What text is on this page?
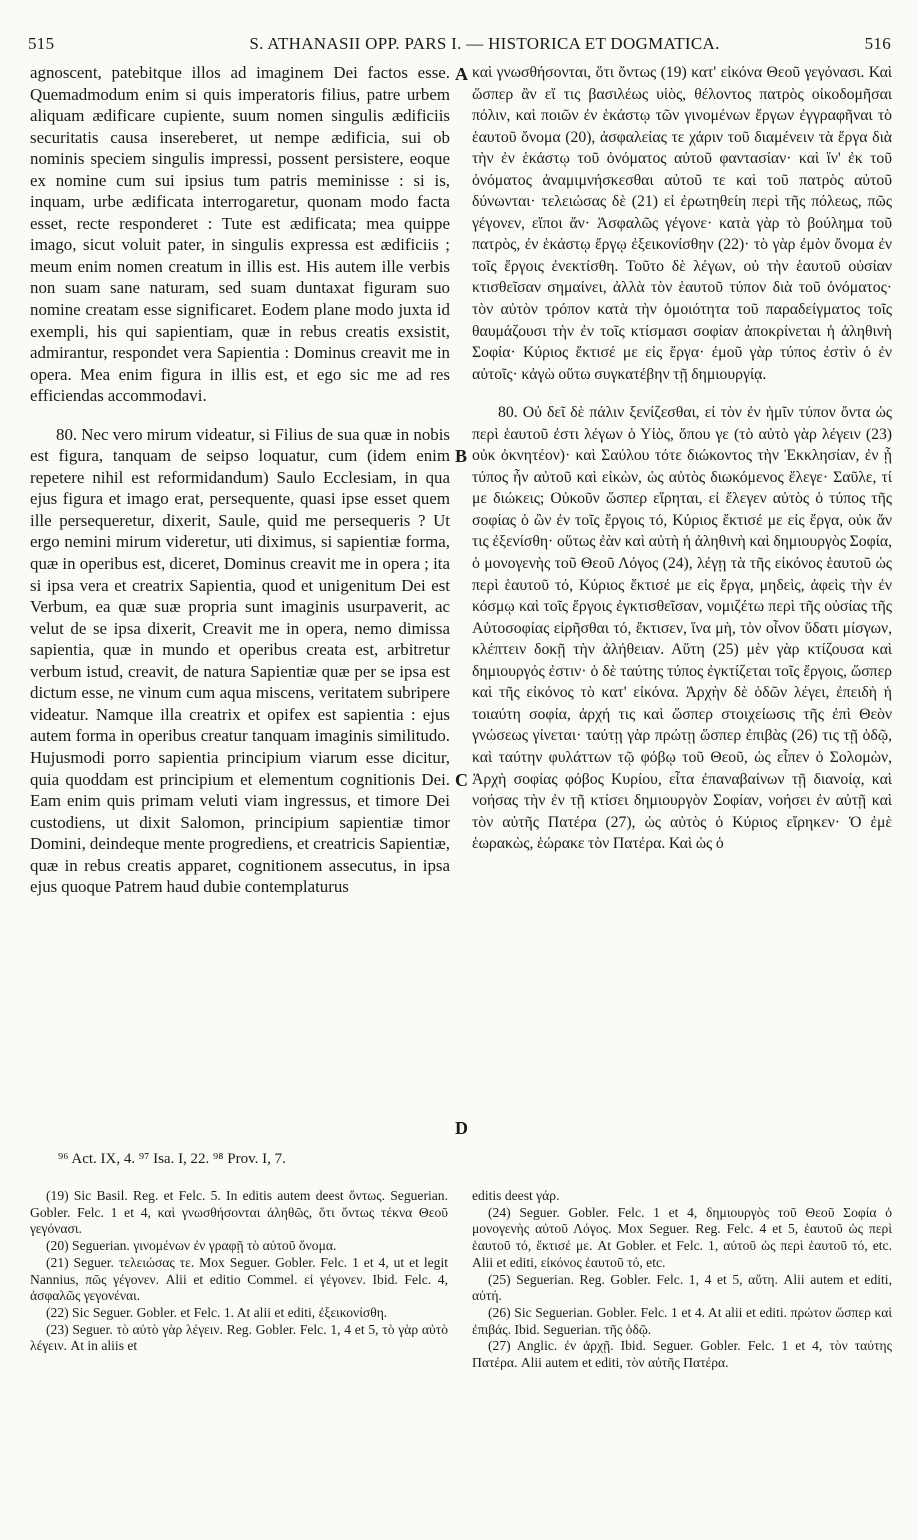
515	S. ATHANASII OPP. PARS I. — HISTORICA ET DOGMATICA.	516

agnoscent, patebitque illos ad imaginem Dei factos esse. Quemadmodum enim si quis imperatoris filius, patre urbem aliquam ædificare cupiente, suum nomen singulis ædificiis securitatis causa insereberet, ut nempe ædificia, sui ob nominis speciem singulis impressi, possent persistere, eoque ex nomine cum sui ipsius tum patris meminisse : si is, inquam, urbe ædificata interrogaretur, quonam modo facta esset, recte responderet : Tute est ædificata; mea quippe imago, sicut voluit pater, in singulis expressa est ædificiis ; meum enim nomen creatum in illis est. His autem ille verbis non suam sane naturam, sed suam duntaxat figuram suo nomine creatam esse significaret. Eodem plane modo juxta id exempli, his qui sapientiam, quæ in rebus creatis exsistit, admirantur, respondet vera Sapientia : Dominus creavit me in opera. Mea enim figura in illis est, et ego sic me ad res efficiendas accommodavi.

80. Nec vero mirum videatur, si Filius de sua quæ in nobis est figura, tanquam de seipso loquatur, cum (idem enim repetere nihil est reformidandum) Saulo Ecclesiam, in qua ejus figura et imago erat, persequente, quasi ipse esset quem ille persequeretur, dixerit, Saule, quid me persequeris ? Ut ergo nemini mirum videretur, uti diximus, si sapientiæ forma, quæ in operibus est, diceret, Dominus creavit me in opera ; ita si ipsa vera et creatrix Sapientia, quod et unigenitum Dei est Verbum, ea quæ suæ propria sunt imaginis usurpaverit, ac velut de se ipsa dixerit, Creavit me in opera, nemo dimissa sapientia, quæ in mundo et operibus creata est, arbitretur verbum istud, creavit, de natura Sapientiæ quæ per se ipsa est dictum esse, ne vinum cum aqua miscens, veritatem subripere videatur. Namque illa creatrix et opifex est sapientia : ejus autem forma in operibus creatur tanquam imaginis similitudo. Hujusmodi porro sapientia principium viarum esse dicitur, quia quoddam est principium et elementum cognitionis Dei. Eam enim quis primam veluti viam ingressus, et timore Dei custodiens, ut dixit Salomon, principium sapientiæ timor Domini, deindeque mente progrediens, et creatricis Sapientiæ, quæ in rebus creatis apparet, cognitionem assecutus, in ipsa ejus quoque Patrem haud dubie contemplaturus

καὶ γνωσθήσονται, ὅτι ὄντως (19) κατ' εἰκόνα Θεοῦ γεγόνασι. Καὶ ὥσπερ ἂν εἴ τις βασιλέως υἱὸς, θέλοντος πατρὸς οἰκοδομῆσαι πόλιν, καὶ ποιῶν ἐν ἑκάστῳ τῶν γινομένων ἔργων ἐγγραφῆναι τὸ ἑαυτοῦ ὄνομα (20), ἀσφαλείας τε χάριν τοῦ διαμένειν τὰ ἔργα διὰ τὴν ἐν ἑκάστῳ τοῦ ὀνόματος αὐτοῦ φαντασίαν· καὶ ἵν' ἐκ τοῦ ὀνόματος ἀναμιμνήσκεσθαι αὐτοῦ τε καὶ τοῦ πατρὸς αὐτοῦ δύνωνται· τελειώσας δὲ (21) εἰ ἐρωτηθείη περὶ τῆς πόλεως, πῶς γέγονεν, εἴποι ἄν· Ἀσφαλῶς γέγονε· κατὰ γὰρ τὸ βούλημα τοῦ πατρὸς, ἐν ἑκάστῳ ἔργῳ ἐξεικονίσθην (22)· τὸ γὰρ ἐμὸν ὄνομα ἐν τοῖς ἔργοις ἐνεκτίσθη. Τοῦτο δὲ λέγων, οὐ τὴν ἑαυτοῦ οὐσίαν κτισθεῖσαν σημαίνει, ἀλλὰ τὸν ἑαυτοῦ τύπον διὰ τοῦ ὀνόματος· τὸν αὐτὸν τρόπον κατὰ τὴν ὁμοιότητα τοῦ παραδείγματος τοῖς θαυμάζουσι τὴν ἐν τοῖς κτίσμασι σοφίαν ἀποκρίνεται ἡ ἀληθινὴ Σοφία· Κύριος ἔκτισέ με εἰς ἔργα· ἐμοῦ γὰρ τύπος ἐστὶν ὁ ἐν αὐτοῖς· κἀγὼ οὕτω συγκατέβην τῇ δημιουργίᾳ.

80. Οὐ δεῖ δὲ πάλιν ξενίζεσθαι, εἰ τὸν ἐν ἡμῖν τύπον ὄντα ὡς περὶ ἑαυτοῦ ἐστι λέγων ὁ Υἱὸς, ὅπου γε (τὸ αὐτὸ γὰρ λέγειν (23) οὐκ ὀκνητέον)· καὶ Σαύλου τότε διώκοντος τὴν Ἐκκλησίαν, ἐν ᾗ τύπος ἦν αὐτοῦ καὶ εἰκὼν, ὡς αὐτὸς διωκόμενος ἔλεγε· Σαῦλε, τί με διώκεις; Οὐκοῦν ὥσπερ εἴρηται, εἰ ἔλεγεν αὐτὸς ὁ τύπος τῆς σοφίας ὁ ὢν ἐν τοῖς ἔργοις τό, Κύριος ἔκτισέ με εἰς ἔργα, οὐκ ἄν τις ἐξενίσθη· οὕτως ἐὰν καὶ αὐτὴ ἡ ἀληθινὴ καὶ δημιουργὸς Σοφία, ὁ μονογενὴς τοῦ Θεοῦ Λόγος (24), λέγῃ τὰ τῆς εἰκόνος ἑαυτοῦ ὡς περὶ ἑαυτοῦ τό, Κύριος ἔκτισέ με εἰς ἔργα, μηδεὶς, ἀφεὶς τὴν ἐν κόσμῳ καὶ τοῖς ἔργοις ἐγκτισθεῖσαν, νομιζέτω περὶ τῆς οὐσίας τῆς Αὐτοσοφίας εἰρῆσθαι τό, ἔκτισεν, ἵνα μὴ, τὸν οἶνον ὕδατι μίσγων, κλέπτειν δοκῇ τὴν ἀλήθειαν. Αὕτη (25) μὲν γὰρ κτίζουσα καὶ δημιουργός ἐστιν· ὁ δὲ ταύτης τύπος ἐγκτίζεται τοῖς ἔργοις, ὥσπερ καὶ τῆς εἰκόνος τὸ κατ' εἰκόνα. Ἀρχὴν δὲ ὁδῶν λέγει, ἐπειδὴ ἡ τοιαύτη σοφία, ἀρχή τις καὶ ὥσπερ στοιχείωσις τῆς ἐπὶ Θεὸν γνώσεως γίνεται· ταύτῃ γὰρ πρώτῃ ὥσπερ ἐπιβὰς (26) τις τῇ ὁδῷ, καὶ ταύτην φυλάττων τῷ φόβῳ τοῦ Θεοῦ, ὡς εἶπεν ὁ Σολομὼν, Ἀρχὴ σοφίας φόβος Κυρίου, εἶτα ἐπαναβαίνων τῇ διανοίᾳ, καὶ νοήσας τὴν ἐν τῇ κτίσει δημιουργὸν Σοφίαν, νοήσει ἐν αὐτῇ καὶ τὸν αὐτῆς Πατέρα (27), ὡς αὐτὸς ὁ Κύριος εἴρηκεν· Ὁ ἐμὲ ἑωρακὼς, ἑώρακε τὸν Πατέρα. Καὶ ὡς ὁ

A
B
C
D
⁹⁶ Act. IX, 4. ⁹⁷ Isa. I, 22. ⁹⁸ Prov. I, 7.

(19) Sic Basil. Reg. et Felc. 5. In editis autem deest ὄντως. Seguerian. Gobler. Felc. 1 et 4, καὶ γνωσθήσονται ἀληθῶς, ὅτι ὄντως τέκνα Θεοῦ γεγόνασι.

(20) Seguerian. γινομένων ἐν γραφῇ τὸ αὐτοῦ ὄνομα.

(21) Seguer. τελειώσας τε. Mox Seguer. Gobler. Felc. 1 et 4, ut et legit Nannius, πῶς γέγονεν. Alii et editio Commel. εἰ γέγονεν. Ibid. Felc. 4, ἀσφαλῶς γεγονέναι.

(22) Sic Seguer. Gobler. et Felc. 1. At alii et editi, ἐξεικονίσθη.

(23) Seguer. τὸ αὐτὸ γὰρ λέγειν. Reg. Gobler. Felc. 1, 4 et 5, τὸ γὰρ αὐτὸ λέγειν. At in aliis et

editis deest γάρ.

(24) Seguer. Gobler. Felc. 1 et 4, δημιουργὸς τοῦ Θεοῦ Σοφία ὁ μονογενὴς αὐτοῦ Λόγος. Mox Seguer. Reg. Felc. 4 et 5, ἑαυτοῦ ὡς περὶ ἑαυτοῦ τό, ἔκτισέ με. At Gobler. et Felc. 1, αὐτοῦ ὡς περὶ ἑαυτοῦ τό, etc. Alii et editi, εἰκόνος ἑαυτοῦ τό, etc.

(25) Seguerian. Reg. Gobler. Felc. 1, 4 et 5, αὕτη. Alii autem et editi, αὐτή.

(26) Sic Seguerian. Gobler. Felc. 1 et 4. At alii et editi. πρώτον ὥσπερ καὶ ἐπιβάς. Ibid. Seguerian. τῆς ὁδῷ.

(27) Anglic. ἐν ἀρχῇ. Ibid. Seguer. Gobler. Felc. 1 et 4, τὸν ταύτης Πατέρα. Alii autem et editi, τὸν αὐτῆς Πατέρα.
